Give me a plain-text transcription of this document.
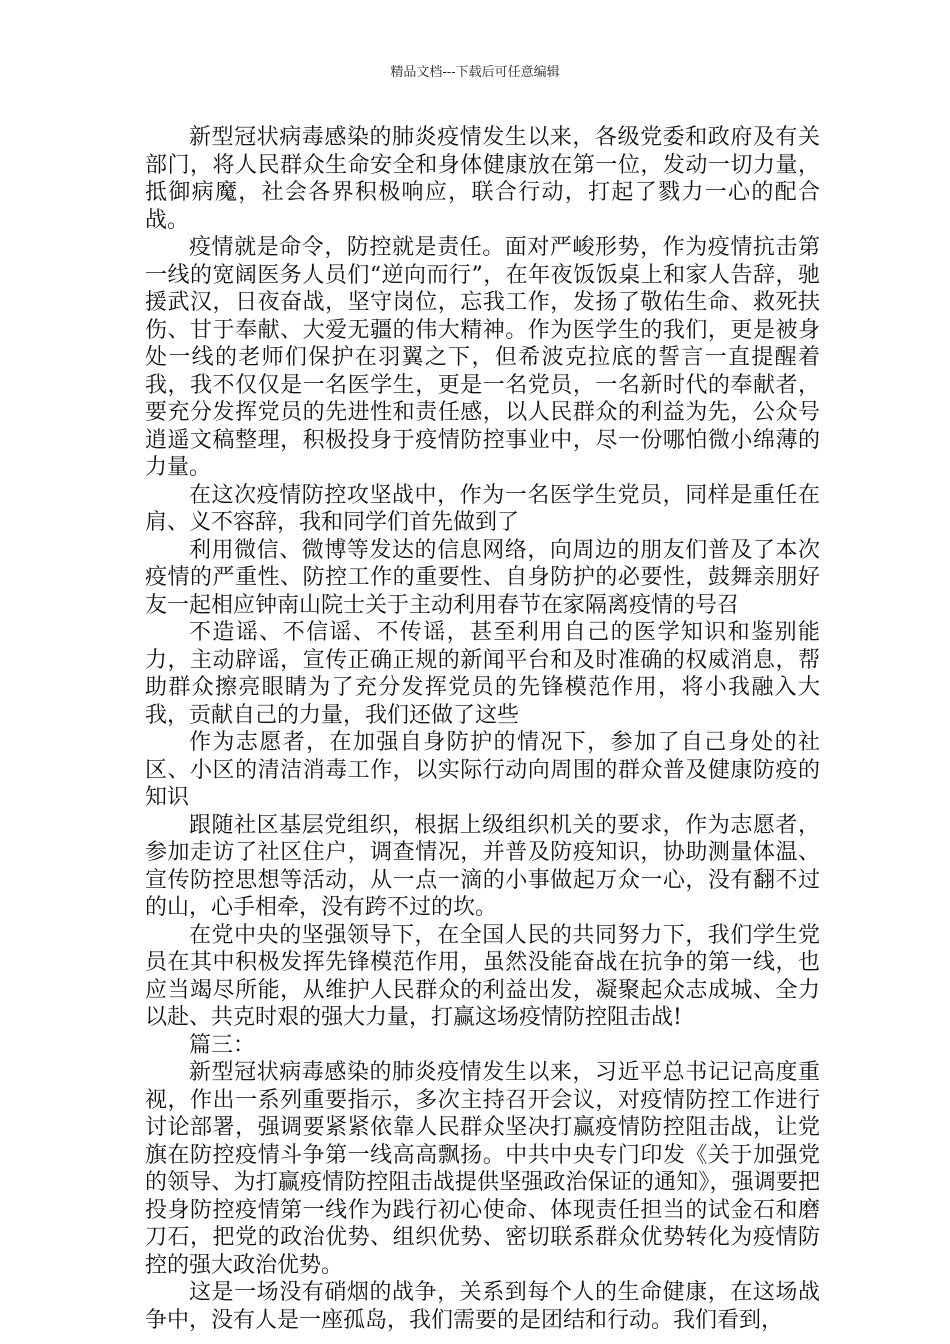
精品文档---下载后可任意编辑

新型冠状病毒感染的肺炎疫情发生以来，各级党委和政府及有关部门，将人民群众生命安全和身体健康放在第一位，发动一切力量，抵御病魔，社会各界积极响应，联合行动，打起了戮力一心的配合战。

疫情就是命令，防控就是责任。面对严峻形势，作为疫情抗击第一线的宽阔医务人员们“逆向而行”，在年夜饭饭桌上和家人告辞，驰援武汉，日夜奋战，坚守岗位，忘我工作，发扬了敬佑生命、救死扶伤、甘于奉献、大爱无疆的伟大精神。作为医学生的我们，更是被身处一线的老师们保护在羽翼之下，但希波克拉底的誓言一直提醒着我，我不仅仅是一名医学生，更是一名党员，一名新时代的奉献者，要充分发挥党员的先进性和责任感，以人民群众的利益为先，公众号逍遥文稿整理，积极投身于疫情防控事业中，尽一份哪怕微小绵薄的力量。

在这次疫情防控攻坚战中，作为一名医学生党员，同样是重任在肩、义不容辞，我和同学们首先做到了

利用微信、微博等发达的信息网络，向周边的朋友们普及了本次疫情的严重性、防控工作的重要性、自身防护的必要性，鼓舞亲朋好友一起相应钟南山院士关于主动利用春节在家隔离疫情的号召

不造谣、不信谣、不传谣，甚至利用自己的医学知识和鉴别能力，主动辟谣，宣传正确正规的新闻平台和及时准确的权威消息，帮助群众擦亮眼睛为了充分发挥党员的先锋模范作用，将小我融入大我，贡献自己的力量，我们还做了这些

作为志愿者，在加强自身防护的情况下，参加了自己身处的社区、小区的清洁消毒工作，以实际行动向周围的群众普及健康防疫的知识

跟随社区基层党组织，根据上级组织机关的要求，作为志愿者，参加走访了社区住户，调查情况，并普及防疫知识，协助测量体温、宣传防控思想等活动，从一点一滴的小事做起万众一心，没有翻不过的山，心手相牵，没有跨不过的坎。

在党中央的坚强领导下，在全国人民的共同努力下，我们学生党员在其中积极发挥先锋模范作用，虽然没能奋战在抗争的第一线，也应当竭尽所能，从维护人民群众的利益出发，凝聚起众志成城、全力以赴、共克时艰的强大力量，打赢这场疫情防控阻击战!

篇三：

新型冠状病毒感染的肺炎疫情发生以来，习近平总书记记高度重视，作出一系列重要指示，多次主持召开会议，对疫情防控工作进行讨论部署，强调要紧紧依靠人民群众坚决打赢疫情防控阻击战，让党旗在防控疫情斗争第一线高高飘扬。中共中央专门印发《关于加强党的领导、为打赢疫情防控阻击战提供坚强政治保证的通知》，强调要把投身防控疫情第一线作为践行初心使命、体现责任担当的试金石和磨刀石，把党的政治优势、组织优势、密切联系群众优势转化为疫情防控的强大政治优势。

这是一场没有硝烟的战争，关系到每个人的生命健康，在这场战争中，没有人是一座孤岛，我们需要的是团结和行动。我们看到，
